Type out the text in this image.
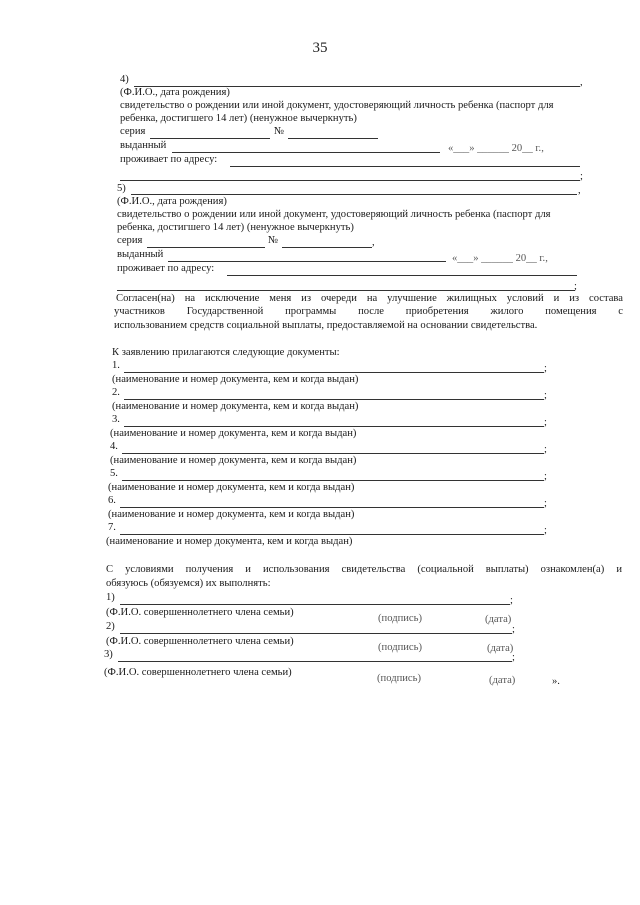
35
4)	,
(Ф.И.О., дата рождения)
свидетельство о рождении или иной документ, удостоверяющий личность ребенка (паспорт для
ребенка, достигшего 14 лет) (ненужное вычеркнуть)
серия	№
выданный	«___» ______ 20__ г.,
проживает по адресу:
;
5)	,
(Ф.И.О., дата рождения)
свидетельство о рождении или иной документ, удостоверяющий личность ребенка (паспорт для
ребенка, достигшего 14 лет) (ненужное вычеркнуть)
серия	№	,
выданный	«___» ______ 20__ г.,
проживает по адресу:
;
Согласен(на) на исключение меня из очереди на улучшение жилищных условий и из состава
участников Государственной программы после приобретения жилого помещения с
использованием средств социальной выплаты, предоставляемой на основании свидетельства.
К заявлению прилагаются следующие документы:
1.	;
(наименование и номер документа, кем и когда выдан)
2.	;
(наименование и номер документа, кем и когда выдан)
3.	;
(наименование и номер документа, кем и когда выдан)
4.	;
(наименование и номер документа, кем и когда выдан)
5.	;
(наименование и номер документа, кем и когда выдан)
6.	;
(наименование и номер документа, кем и когда выдан)
7.	;
(наименование и номер документа, кем и когда выдан)
С условиями получения и использования свидетельства (социальной выплаты) ознакомлен(а) и
обязуюсь (обязуемся) их выполнять:
1)	;
(Ф.И.О. совершеннолетнего члена семьи)
(подпись)	(дата)
2)	;
(Ф.И.О. совершеннолетнего члена семьи)
(подпись)	(дата)
3)	;
(Ф.И.О. совершеннолетнего члена семьи)
(подпись)	(дата)	».
